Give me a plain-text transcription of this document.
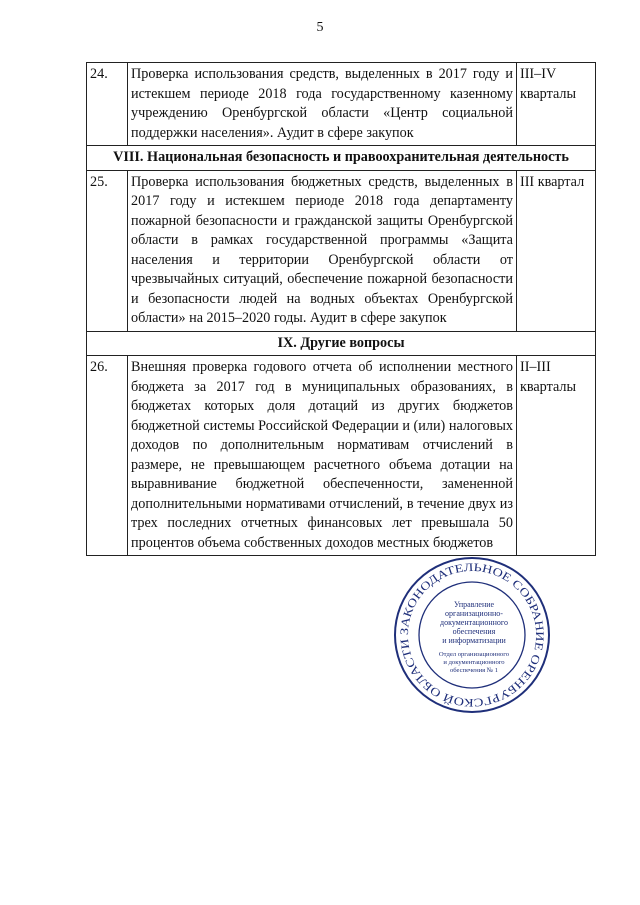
5
24.	Проверка использования средств, выделенных в 2017 году и истекшем периоде 2018 года государственному казенному учреждению Оренбургской области «Центр социальной поддержки населения». Аудит в сфере закупок	III–IV кварталы
VIII. Национальная безопасность и правоохранительная деятельность		
25.	Проверка использования бюджетных средств, выделенных в 2017 году и истекшем периоде 2018 года департаменту пожарной безопасности и гражданской защиты Оренбургской области в рамках государственной программы «Защита населения и территории Оренбургской области от чрезвычайных ситуаций, обеспечение пожарной безопасности и безопасности людей на водных объектах Оренбургской области» на 2015–2020 годы. Аудит в сфере закупок	III квартал
IX. Другие вопросы		
26.	Внешняя проверка годового отчета об исполнении местного бюджета за 2017 год в муниципальных образованиях, в бюджетах которых доля дотаций из других бюджетов бюджетной системы Российской Федерации и (или) налоговых доходов по дополнительным нормативам отчислений в размере, не превышающем расчетного объема дотации на выравнивание бюджетной обеспеченности, замененной дополнительными нормативами отчислений, в течение двух из трех последних отчетных финансовых лет превышала 50 процентов объема собственных доходов местных бюджетов	II–III кварталы
ЗАКОНОДАТЕЛЬНОЕ СОБРАНИЕ ОРЕНБУРГСКОЙ ОБЛАСТИ
Управление
организационно-
документационного
обеспечения
и информатизации
Отдел организационного
и документационного
обеспечения № 1
